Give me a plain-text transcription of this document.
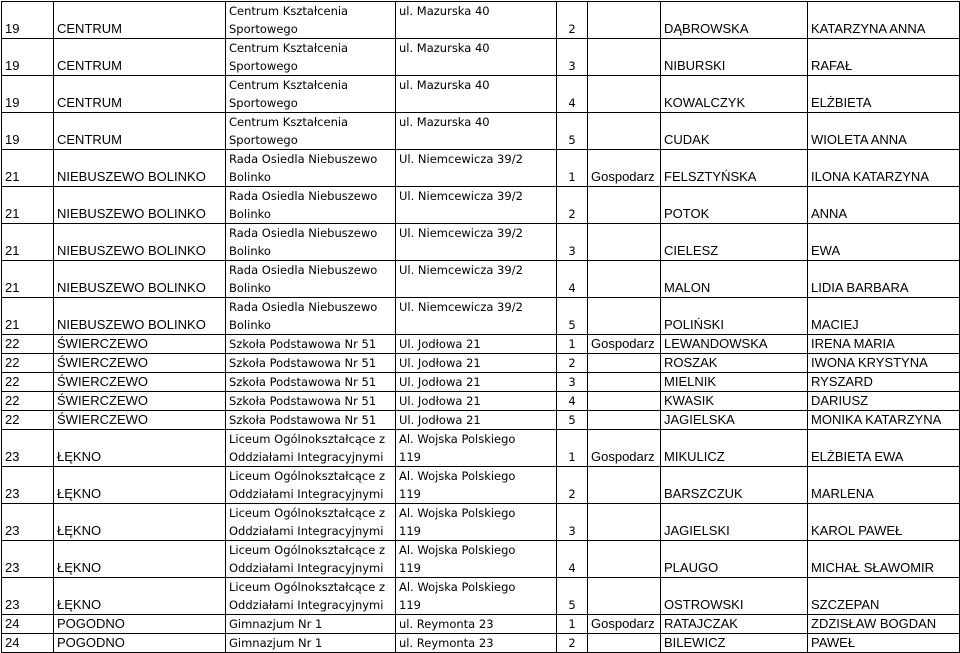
19	CENTRUM	Centrum Kształcenia
Sportowego	ul. Mazurska 40	2		DĄBROWSKA	KATARZYNA ANNA
19	CENTRUM	Centrum Kształcenia
Sportowego	ul. Mazurska 40	3		NIBURSKI	RAFAŁ
19	CENTRUM	Centrum Kształcenia
Sportowego	ul. Mazurska 40	4		KOWALCZYK	ELŻBIETA
19	CENTRUM	Centrum Kształcenia
Sportowego	ul. Mazurska 40	5		CUDAK	WIOLETA ANNA
21	NIEBUSZEWO BOLINKO	Rada Osiedla Niebuszewo
Bolinko	Ul. Niemcewicza 39/2	1	Gospodarz	FELSZTYŃSKA	ILONA KATARZYNA
21	NIEBUSZEWO BOLINKO	Rada Osiedla Niebuszewo
Bolinko	Ul. Niemcewicza 39/2	2		POTOK	ANNA
21	NIEBUSZEWO BOLINKO	Rada Osiedla Niebuszewo
Bolinko	Ul. Niemcewicza 39/2	3		CIELESZ	EWA
21	NIEBUSZEWO BOLINKO	Rada Osiedla Niebuszewo
Bolinko	Ul. Niemcewicza 39/2	4		MALON	LIDIA BARBARA
21	NIEBUSZEWO BOLINKO	Rada Osiedla Niebuszewo
Bolinko	Ul. Niemcewicza 39/2	5		POLIŃSKI	MACIEJ
22	ŚWIERCZEWO	Szkoła Podstawowa Nr 51	Ul. Jodłowa 21	1	Gospodarz	LEWANDOWSKA	IRENA MARIA
22	ŚWIERCZEWO	Szkoła Podstawowa Nr 51	Ul. Jodłowa 21	2		ROSZAK	IWONA KRYSTYNA
22	ŚWIERCZEWO	Szkoła Podstawowa Nr 51	Ul. Jodłowa 21	3		MIELNIK	RYSZARD
22	ŚWIERCZEWO	Szkoła Podstawowa Nr 51	Ul. Jodłowa 21	4		KWASIK	DARIUSZ
22	ŚWIERCZEWO	Szkoła Podstawowa Nr 51	Ul. Jodłowa 21	5		JAGIELSKA	MONIKA KATARZYNA
23	ŁĘKNO	Liceum Ogólnokształcące z
Oddziałami Integracyjnymi	Al. Wojska Polskiego
119	1	Gospodarz	MIKULICZ	ELŻBIETA EWA
23	ŁĘKNO	Liceum Ogólnokształcące z
Oddziałami Integracyjnymi	Al. Wojska Polskiego
119	2		BARSZCZUK	MARLENA
23	ŁĘKNO	Liceum Ogólnokształcące z
Oddziałami Integracyjnymi	Al. Wojska Polskiego
119	3		JAGIELSKI	KAROL PAWEŁ
23	ŁĘKNO	Liceum Ogólnokształcące z
Oddziałami Integracyjnymi	Al. Wojska Polskiego
119	4		PLAUGO	MICHAŁ SŁAWOMIR
23	ŁĘKNO	Liceum Ogólnokształcące z
Oddziałami Integracyjnymi	Al. Wojska Polskiego
119	5		OSTROWSKI	SZCZEPAN
24	POGODNO	Gimnazjum Nr 1	ul. Reymonta 23	1	Gospodarz	RATAJCZAK	ZDZISŁAW BOGDAN
24	POGODNO	Gimnazjum Nr 1	ul. Reymonta 23	2		BILEWICZ	PAWEŁ
